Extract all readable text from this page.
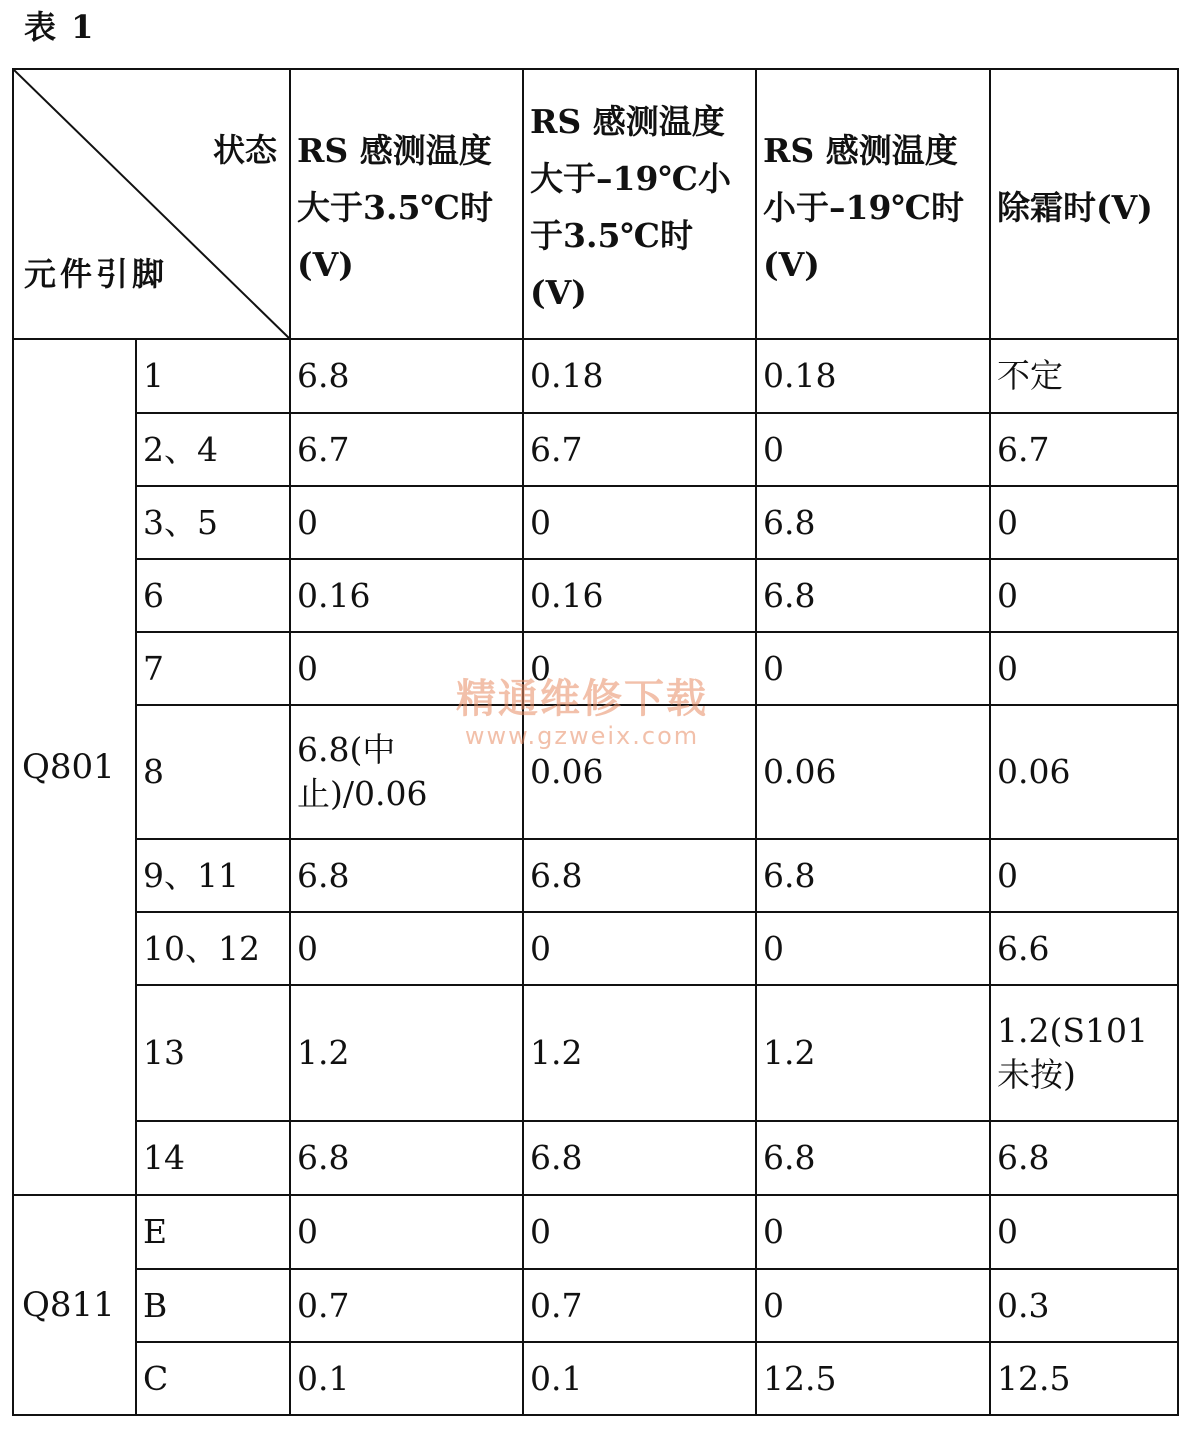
表 1
状态
元件引脚		RS 感测温度大于3.5℃时(V)	RS 感测温度大于–19℃小于3.5℃时(V)	RS 感测温度小于–19℃时(V)	除霜时(V)
Q801	1	6.8	0.18	0.18	不定
	2、4	6.7	6.7	0	6.7
	3、5	0	0	6.8	0
	6	0.16	0.16	6.8	0
	7	0	0	0	0
	8	6.8(中止)/0.06	0.06	0.06	0.06
	9、11	6.8	6.8	6.8	0
	10、12	0	0	0	6.6
	13	1.2	1.2	1.2	1.2(S101未按)
	14	6.8	6.8	6.8	6.8
Q811	E	0	0	0	0
	B	0.7	0.7	0	0.3
	C	0.1	0.1	12.5	12.5
精通维修下载
www.gzweix.com
